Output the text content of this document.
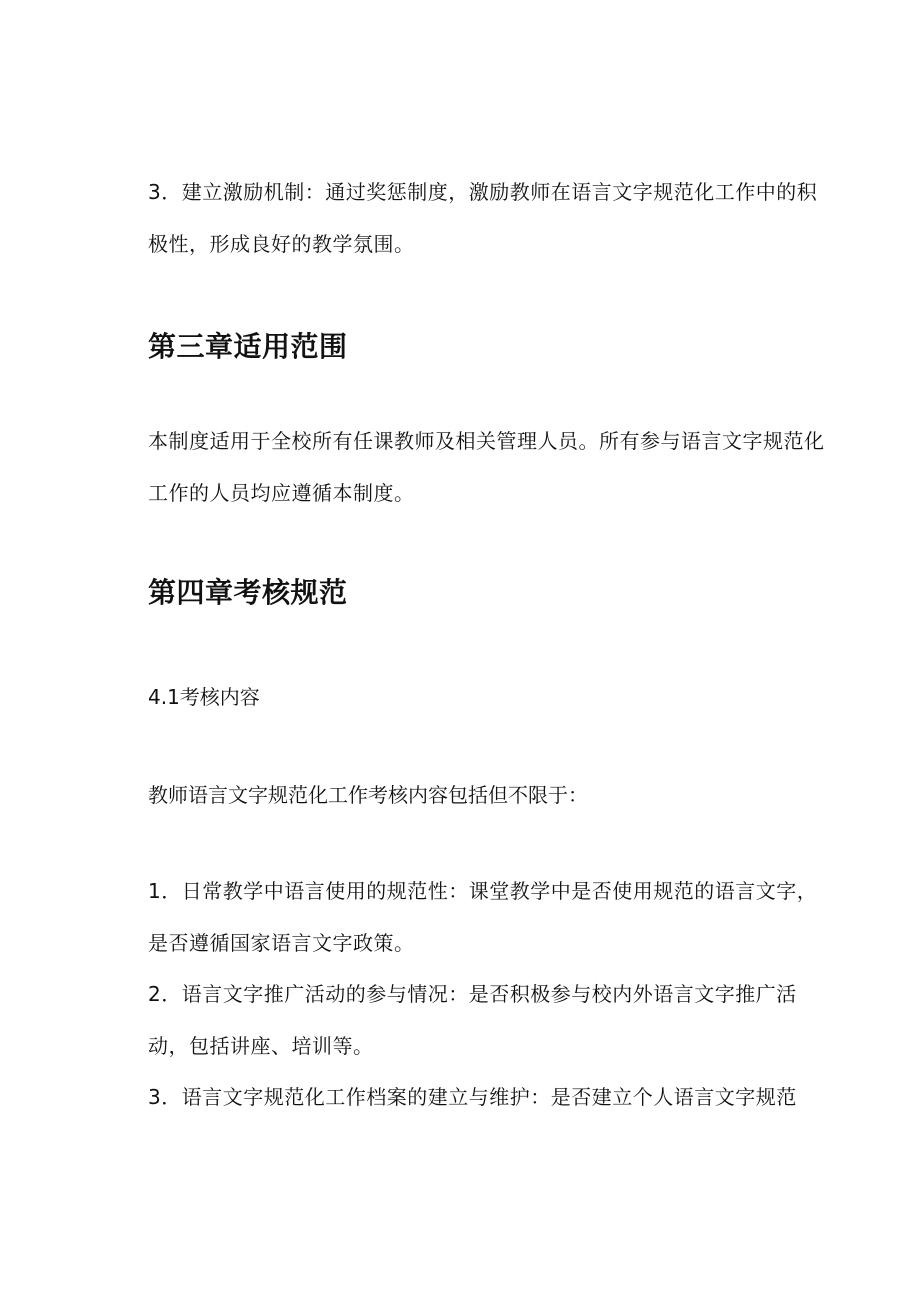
3．建立激励机制：通过奖惩制度，激励教师在语言文字规范化工作中的积极性，形成良好的教学氛围。

第三章适用范围

本制度适用于全校所有任课教师及相关管理人员。所有参与语言文字规范化工作的人员均应遵循本制度。

第四章考核规范

4.1考核内容

教师语言文字规范化工作考核内容包括但不限于：

1．日常教学中语言使用的规范性：课堂教学中是否使用规范的语言文字，是否遵循国家语言文字政策。

2．语言文字推广活动的参与情况：是否积极参与校内外语言文字推广活动，包括讲座、培训等。

3．语言文字规范化工作档案的建立与维护：是否建立个人语言文字规范
